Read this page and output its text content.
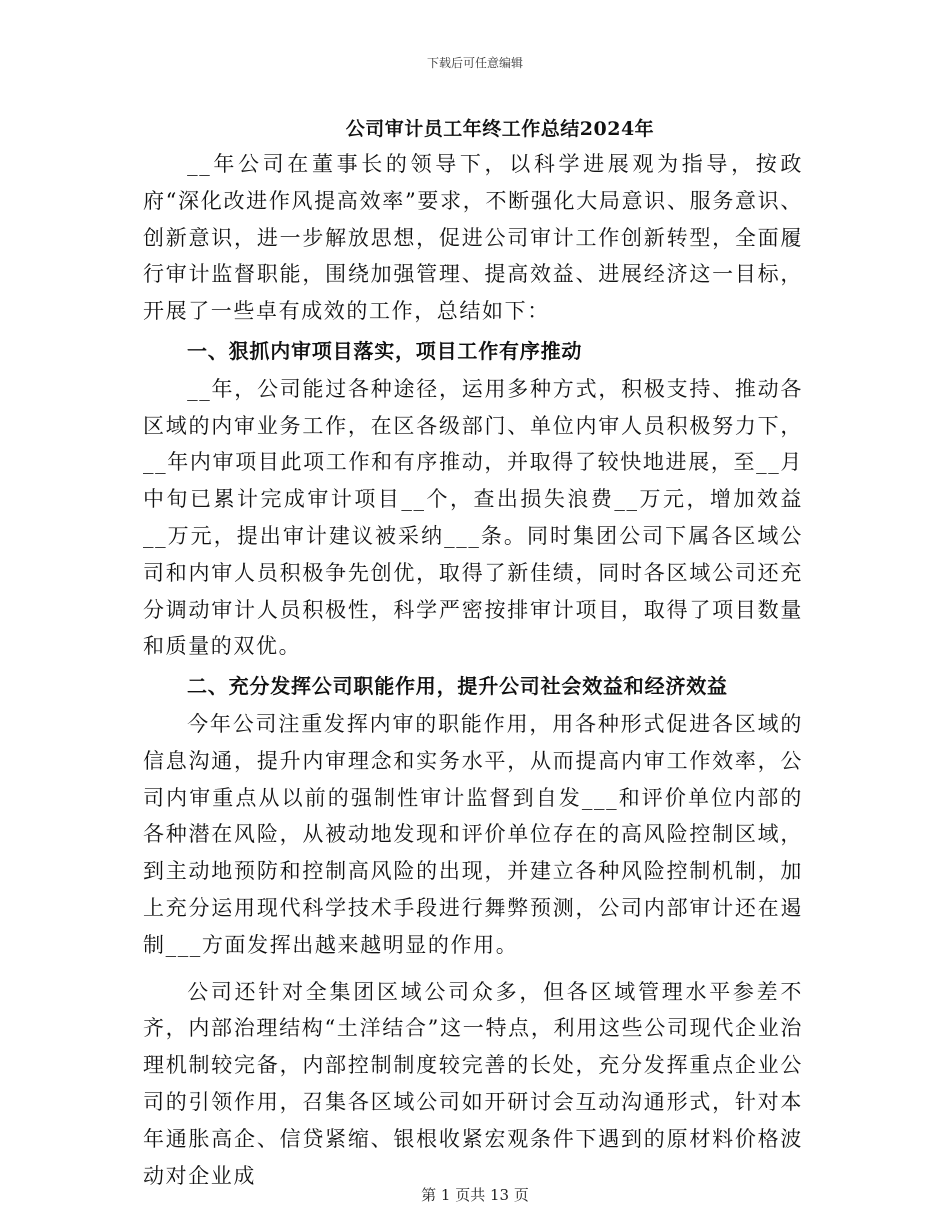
下载后可任意编辑
公司审计员工年终工作总结2024年

__年公司在董事长的领导下，以科学进展观为指导，按政府“深化改进作风提高效率”要求，不断强化大局意识、服务意识、创新意识，进一步解放思想，促进公司审计工作创新转型，全面履行审计监督职能，围绕加强管理、提高效益、进展经济这一目标，开展了一些卓有成效的工作，总结如下：

一、狠抓内审项目落实，项目工作有序推动

__年，公司能过各种途径，运用多种方式，积极支持、推动各区域的内审业务工作，在区各级部门、单位内审人员积极努力下，__年内审项目此项工作和有序推动，并取得了较快地进展，至__月中旬已累计完成审计项目__个，查出损失浪费__万元，增加效益__万元，提出审计建议被采纳___条。同时集团公司下属各区域公司和内审人员积极争先创优，取得了新佳绩，同时各区域公司还充分调动审计人员积极性，科学严密按排审计项目，取得了项目数量和质量的双优。

二、充分发挥公司职能作用，提升公司社会效益和经济效益

今年公司注重发挥内审的职能作用，用各种形式促进各区域的信息沟通，提升内审理念和实务水平，从而提高内审工作效率，公司内审重点从以前的强制性审计监督到自发___和评价单位内部的各种潜在风险，从被动地发现和评价单位存在的高风险控制区域，到主动地预防和控制高风险的出现，并建立各种风险控制机制，加上充分运用现代科学技术手段进行舞弊预测，公司内部审计还在遏制___方面发挥出越来越明显的作用。

公司还针对全集团区域公司众多，但各区域管理水平参差不齐，内部治理结构“土洋结合”这一特点，利用这些公司现代企业治理机制较完备，内部控制制度较完善的长处，充分发挥重点企业公司的引领作用，召集各区域公司如开研讨会互动沟通形式，针对本年通胀高企、信贷紧缩、银根收紧宏观条件下遇到的原材料价格波动对企业成

第 1 页共 13 页
